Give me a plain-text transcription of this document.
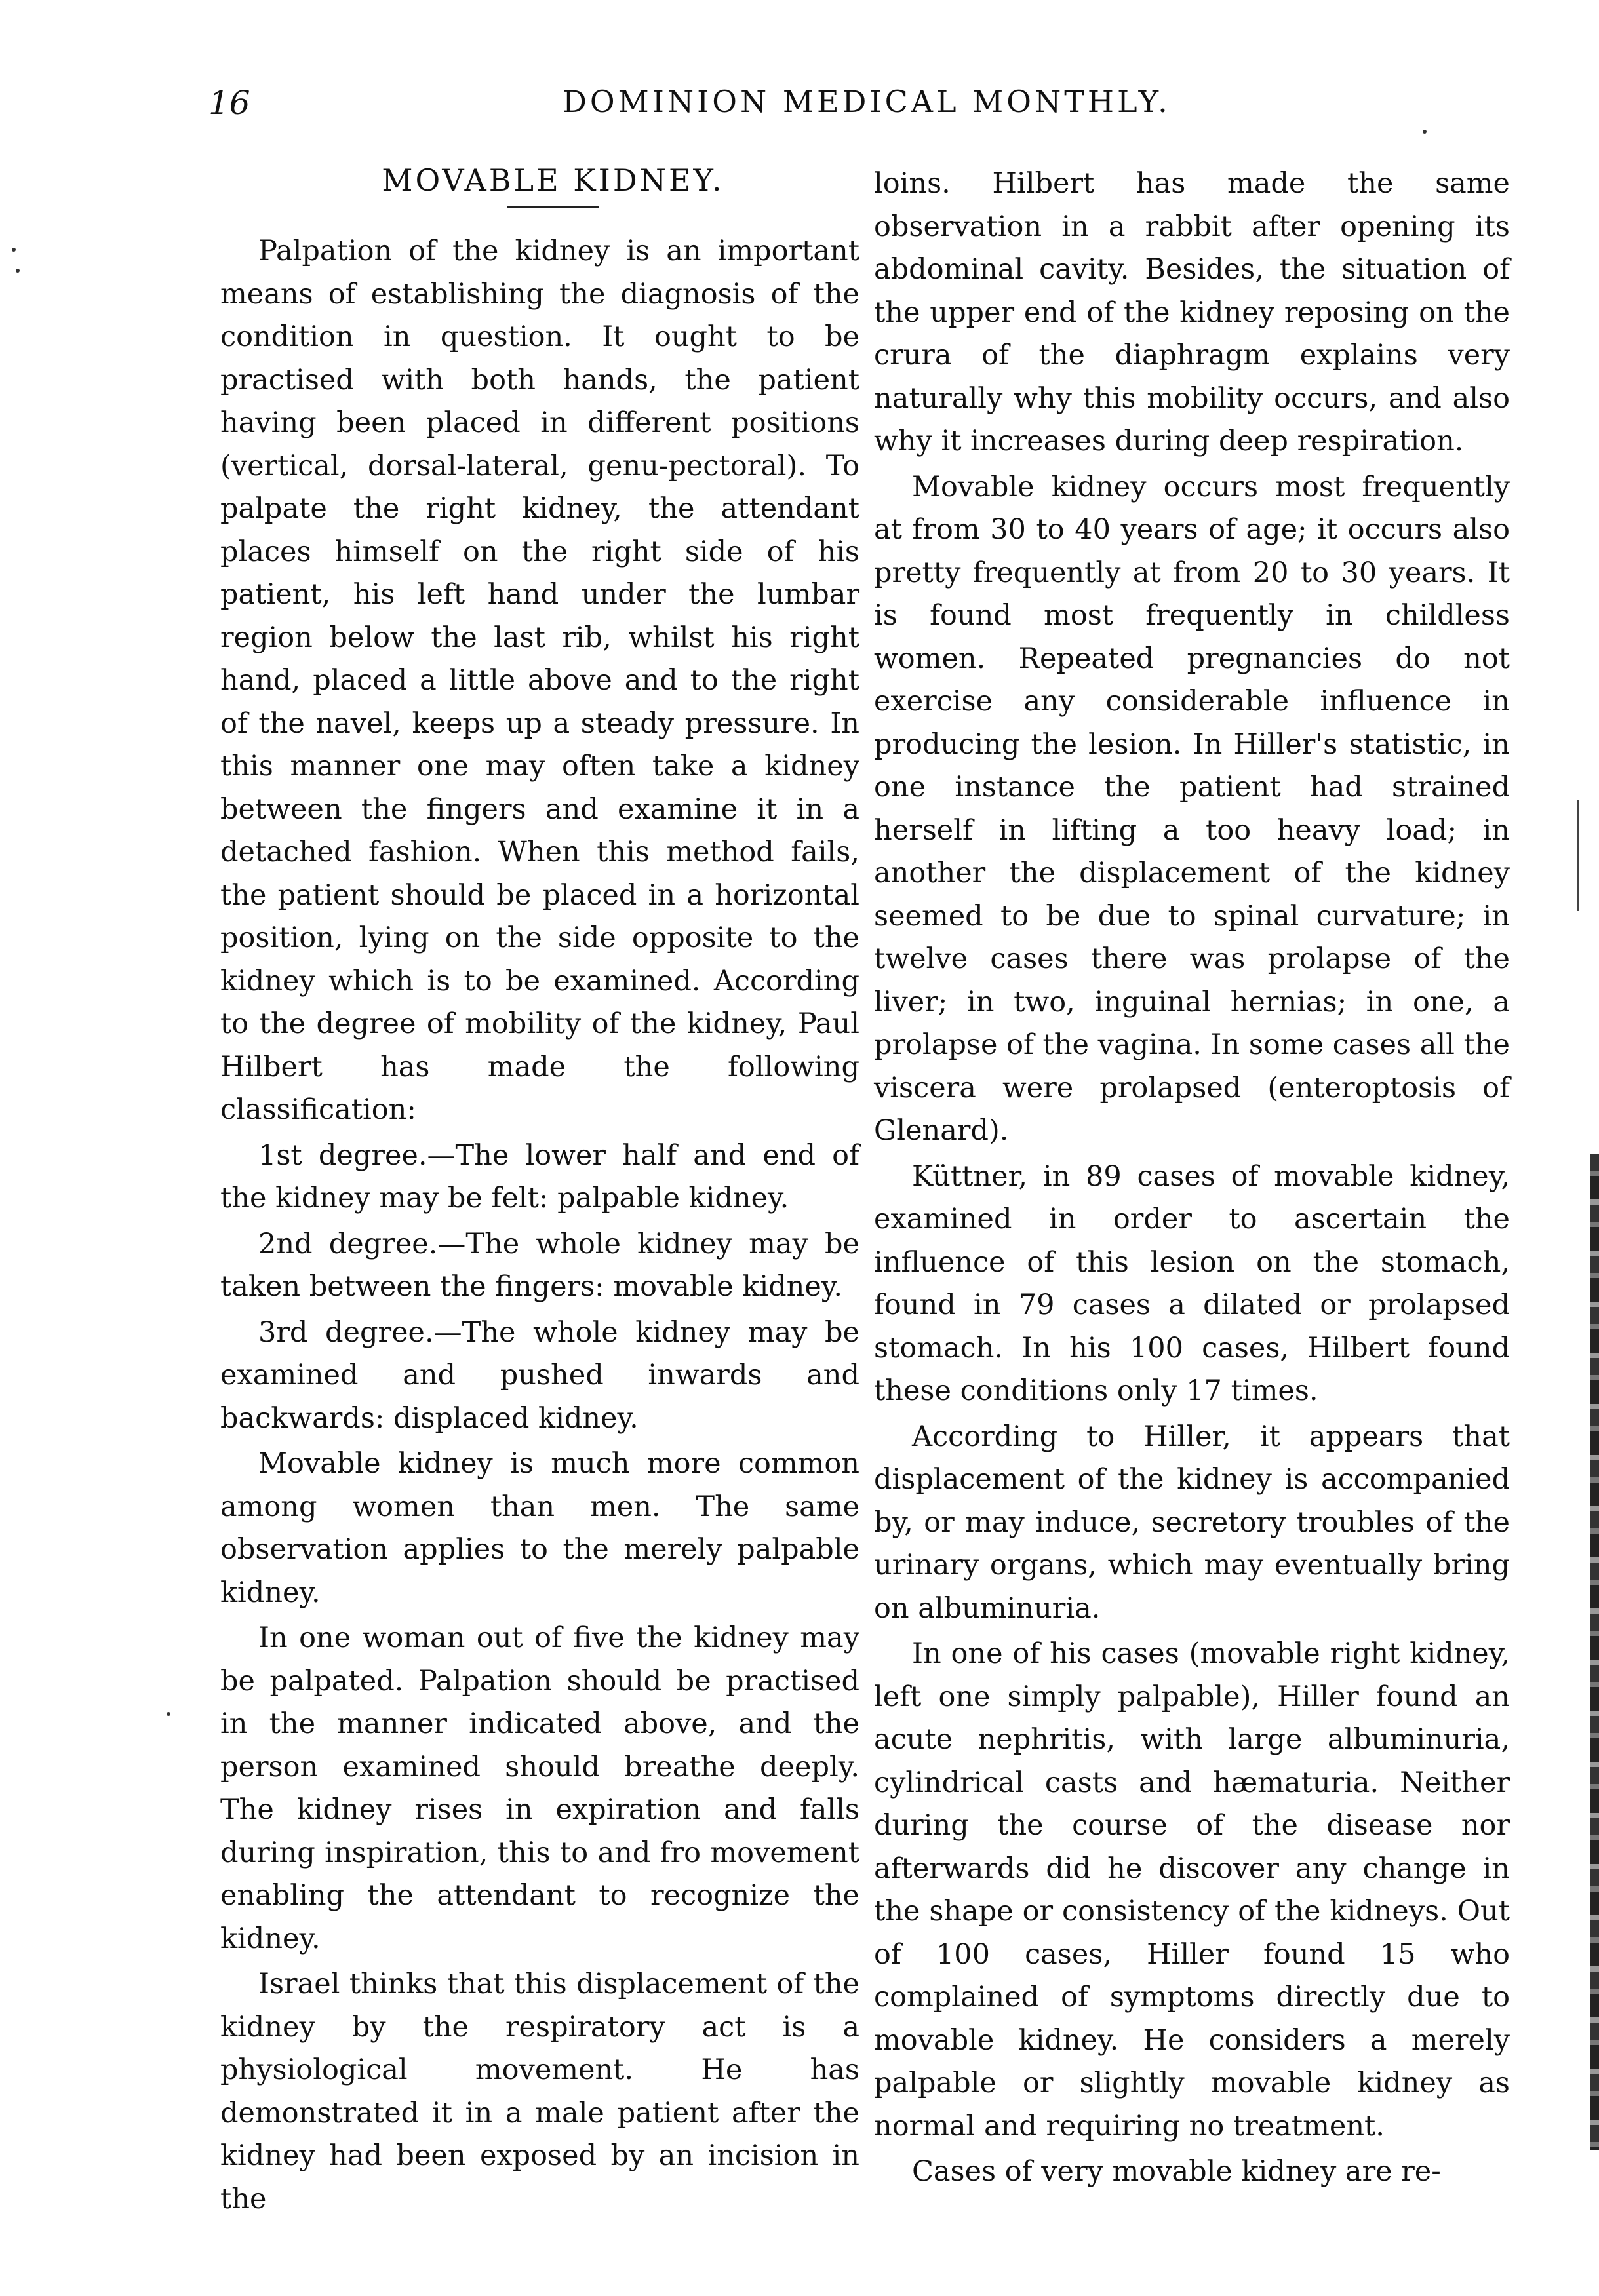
16	DOMINION MEDICAL MONTHLY.
MOVABLE KIDNEY.

Palpation of the kidney is an important means of establishing the diagnosis of the condition in question. It ought to be practised with both hands, the patient having been placed in different positions (vertical, dorsal-lateral, genu-pectoral). To palpate the right kidney, the attendant places himself on the right side of his patient, his left hand under the lumbar region below the last rib, whilst his right hand, placed a little above and to the right of the navel, keeps up a steady pressure. In this manner one may often take a kidney between the fingers and examine it in a detached fashion. When this method fails, the patient should be placed in a horizontal position, lying on the side opposite to the kidney which is to be examined. According to the degree of mobility of the kidney, Paul Hilbert has made the following classification:

1st degree.—The lower half and end of the kidney may be felt: palpable kidney.

2nd degree.—The whole kidney may be taken between the fingers: movable kidney.

3rd degree.—The whole kidney may be examined and pushed inwards and backwards: displaced kidney.

Movable kidney is much more common among women than men. The same observation applies to the merely palpable kidney.

In one woman out of five the kidney may be palpated. Palpation should be practised in the manner indicated above, and the person examined should breathe deeply. The kidney rises in expiration and falls during inspiration, this to and fro movement enabling the attendant to recognize the kidney.

Israel thinks that this displacement of the kidney by the respiratory act is a physiological movement. He has demonstrated it in a male patient after the kidney had been exposed by an incision in the

loins. Hilbert has made the same observation in a rabbit after opening its abdominal cavity. Besides, the situation of the upper end of the kidney reposing on the crura of the diaphragm explains very naturally why this mobility occurs, and also why it increases during deep respiration.

Movable kidney occurs most frequently at from 30 to 40 years of age; it occurs also pretty frequently at from 20 to 30 years. It is found most frequently in childless women. Repeated pregnancies do not exercise any considerable influence in producing the lesion. In Hiller's statistic, in one instance the patient had strained herself in lifting a too heavy load; in another the displacement of the kidney seemed to be due to spinal curvature; in twelve cases there was prolapse of the liver; in two, inguinal hernias; in one, a prolapse of the vagina. In some cases all the viscera were prolapsed (enteroptosis of Glenard).

Küttner, in 89 cases of movable kidney, examined in order to ascertain the influence of this lesion on the stomach, found in 79 cases a dilated or prolapsed stomach. In his 100 cases, Hilbert found these conditions only 17 times.

According to Hiller, it appears that displacement of the kidney is accompanied by, or may induce, secretory troubles of the urinary organs, which may eventually bring on albuminuria.

In one of his cases (movable right kidney, left one simply palpable), Hiller found an acute nephritis, with large albuminuria, cylindrical casts and hæmaturia. Neither during the course of the disease nor afterwards did he discover any change in the shape or consistency of the kidneys. Out of 100 cases, Hiller found 15 who complained of symptoms directly due to movable kidney. He considers a merely palpable or slightly movable kidney as normal and requiring no treatment.

Cases of very movable kidney are re-
